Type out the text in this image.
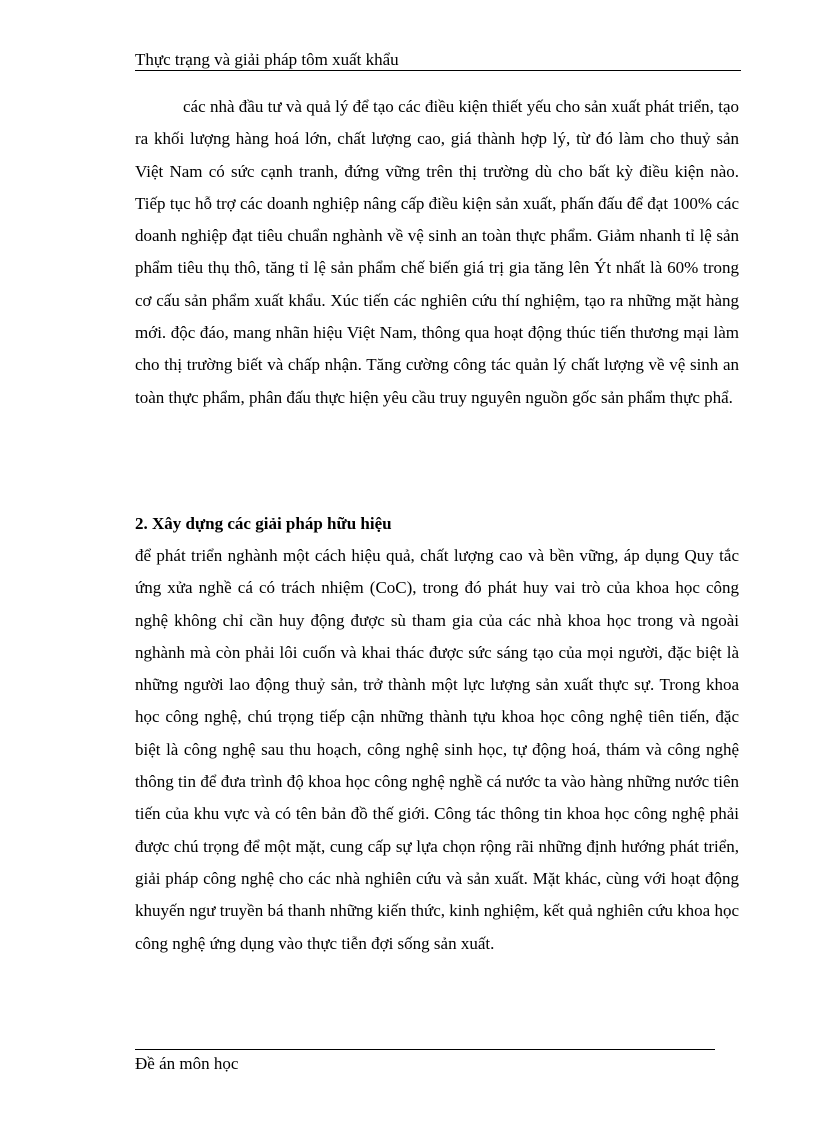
Thực trạng và giải pháp tôm xuất khẩu

các nhà đầu tư và quả lý để tạo các điều kiện thiết yếu cho sản xuất phát triển, tạo ra khối lượng hàng hoá lớn, chất lượng cao, giá thành hợp lý, từ đó làm cho thuỷ sản Việt Nam có sức cạnh tranh, đứng vững trên thị trường dù cho bất kỳ điều kiện nào. Tiếp tục hỗ trợ các doanh nghiệp nâng cấp điều kiện sản xuất, phấn đấu để đạt 100% các doanh nghiệp đạt tiêu chuẩn nghành về vệ sinh an toàn thực phẩm. Giảm nhanh tỉ lệ sản phẩm tiêu thụ thô, tăng tỉ lệ sản phẩm chế biến giá trị gia tăng lên Ýt nhất là 60% trong cơ cấu sản phẩm xuất khẩu. Xúc tiến các nghiên cứu thí nghiệm, tạo ra những mặt hàng mới. độc đáo, mang nhãn hiệu Việt Nam, thông qua hoạt động thúc tiến thương mại làm cho thị trường biết và chấp nhận. Tăng cường công tác quản lý chất lượng về vệ sinh an toàn thực phẩm, phân đấu thực hiện yêu cầu truy nguyên nguồn gốc sản phẩm thực phẩ.

2. Xây dựng các giải pháp hữu hiệu

để phát triển nghành một cách hiệu quả, chất lượng cao và bền vững, áp dụng Quy tắc ứng xửa nghề cá có trách nhiệm (CoC), trong đó phát huy vai trò của khoa học công nghệ không chỉ cần huy động được sù tham gia của các nhà khoa học trong và ngoài nghành mà còn phải lôi cuốn và khai thác được sức sáng tạo của mọi người, đặc biệt là những người lao động thuỷ sản, trở thành một lực lượng sản xuất thực sự. Trong khoa học công nghệ, chú trọng tiếp cận những thành tựu khoa học công nghệ tiên tiến, đặc biệt là công nghệ sau thu hoạch, công nghệ sinh học, tự động hoá, thám và công nghệ thông tin để đưa trình độ khoa học công nghệ nghề cá nước ta vào hàng những nước tiên tiến của khu vực và có tên bản đồ thế giới. Công tác thông tin khoa học công nghệ phải được chú trọng để một mặt, cung cấp sự lựa chọn rộng rãi những định hướng phát triển, giải pháp công nghệ cho các nhà nghiên cứu và sản xuất. Mặt khác, cùng với hoạt động khuyến ngư truyền bá thanh những kiến thức, kinh nghiệm, kết quả nghiên cứu khoa học công nghệ ứng dụng vào thực tiễn đợi sống sản xuất.

Đề án môn học
